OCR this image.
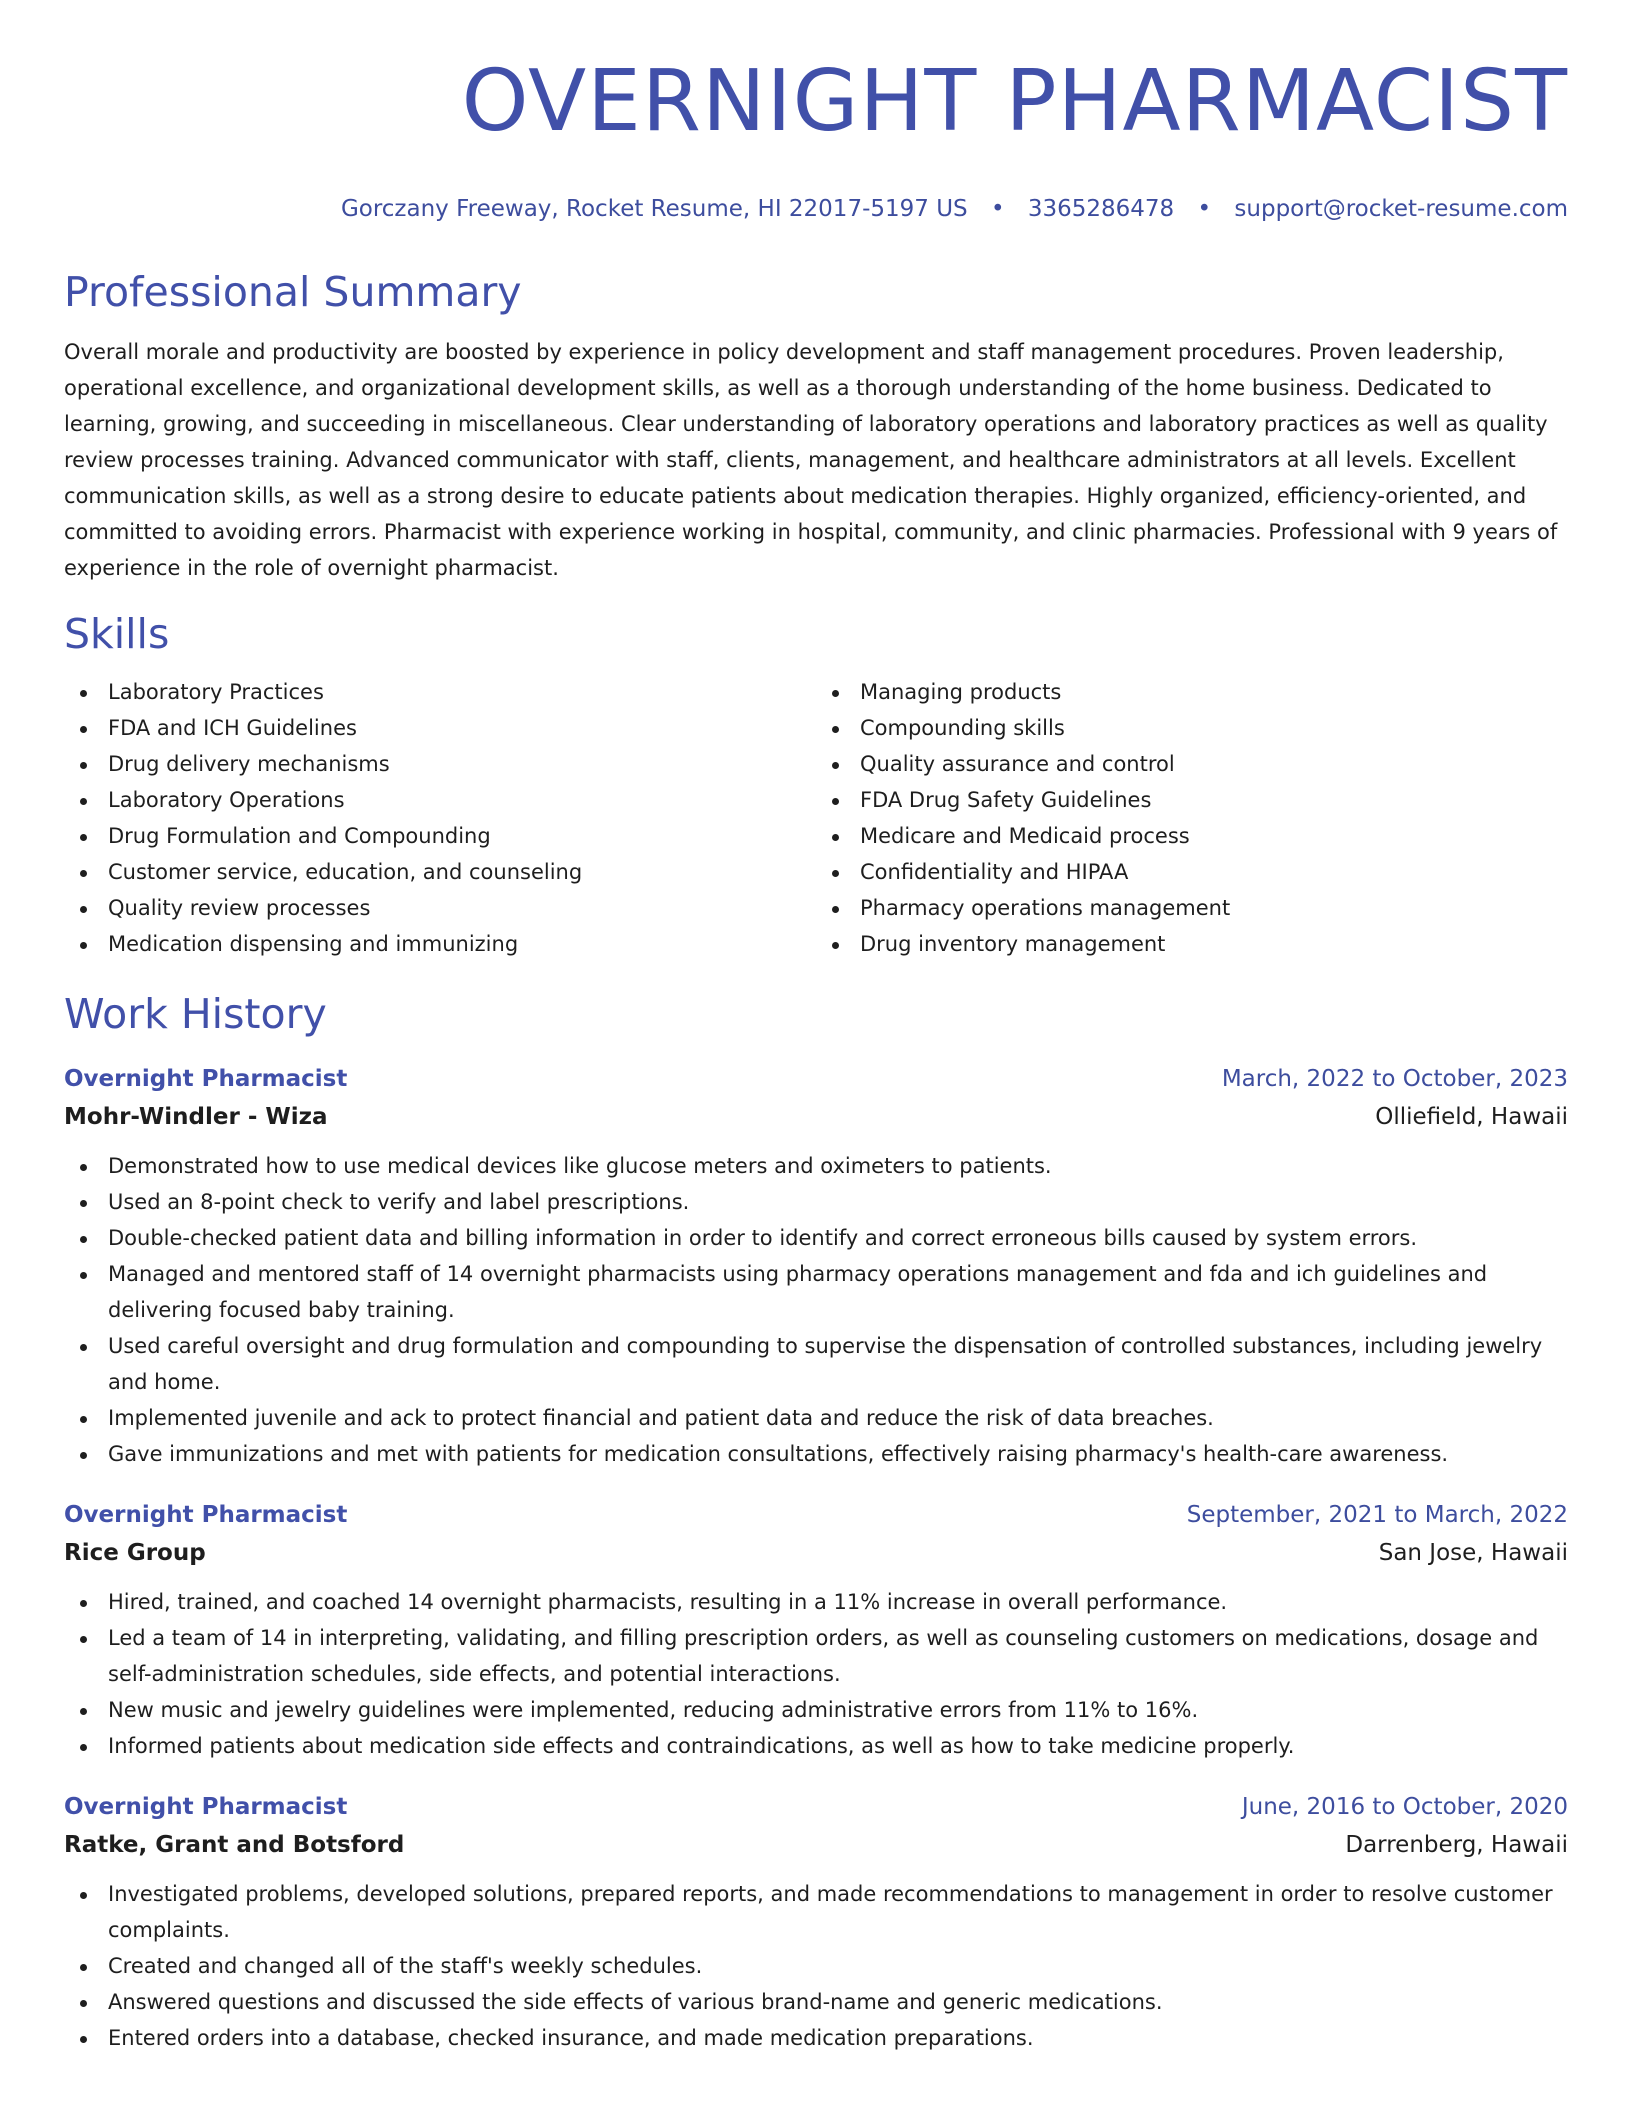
OVERNIGHT PHARMACIST
Gorczany Freeway, Rocket Resume, HI 22017-5197 US • 3365286478 • support@rocket-resume.com
Professional Summary

Overall morale and productivity are boosted by experience in policy development and staff management procedures. Proven leadership, operational excellence, and organizational development skills, as well as a thorough understanding of the home business. Dedicated to learning, growing, and succeeding in miscellaneous. Clear understanding of laboratory operations and laboratory practices as well as quality review processes training. Advanced communicator with staff, clients, management, and healthcare administrators at all levels. Excellent communication skills, as well as a strong desire to educate patients about medication therapies. Highly organized, efficiency-oriented, and committed to avoiding errors. Pharmacist with experience working in hospital, community, and clinic pharmacies. Professional with 9 years of experience in the role of overnight pharmacist.

Skills
Laboratory Practices
FDA and ICH Guidelines
Drug delivery mechanisms
Laboratory Operations
Drug Formulation and Compounding
Customer service, education, and counseling
Quality review processes
Medication dispensing and immunizing
Managing products
Compounding skills
Quality assurance and control
FDA Drug Safety Guidelines
Medicare and Medicaid process
Confidentiality and HIPAA
Pharmacy operations management
Drug inventory management
Work History
Overnight Pharmacist	March, 2022 to October, 2023
Mohr-Windler - Wiza	Olliefield, Hawaii
Demonstrated how to use medical devices like glucose meters and oximeters to patients.
Used an 8-point check to verify and label prescriptions.
Double-checked patient data and billing information in order to identify and correct erroneous bills caused by system errors.
Managed and mentored staff of 14 overnight pharmacists using pharmacy operations management and fda and ich guidelines and delivering focused baby training.
Used careful oversight and drug formulation and compounding to supervise the dispensation of controlled substances, including jewelry and home.
Implemented juvenile and ack to protect financial and patient data and reduce the risk of data breaches.
Gave immunizations and met with patients for medication consultations, effectively raising pharmacy's health-care awareness.
Overnight Pharmacist	September, 2021 to March, 2022
Rice Group	San Jose, Hawaii
Hired, trained, and coached 14 overnight pharmacists, resulting in a 11% increase in overall performance.
Led a team of 14 in interpreting, validating, and filling prescription orders, as well as counseling customers on medications, dosage and self-administration schedules, side effects, and potential interactions.
New music and jewelry guidelines were implemented, reducing administrative errors from 11% to 16%.
Informed patients about medication side effects and contraindications, as well as how to take medicine properly.
Overnight Pharmacist	June, 2016 to October, 2020
Ratke, Grant and Botsford	Darrenberg, Hawaii
Investigated problems, developed solutions, prepared reports, and made recommendations to management in order to resolve customer complaints.
Created and changed all of the staff's weekly schedules.
Answered questions and discussed the side effects of various brand-name and generic medications.
Entered orders into a database, checked insurance, and made medication preparations.
